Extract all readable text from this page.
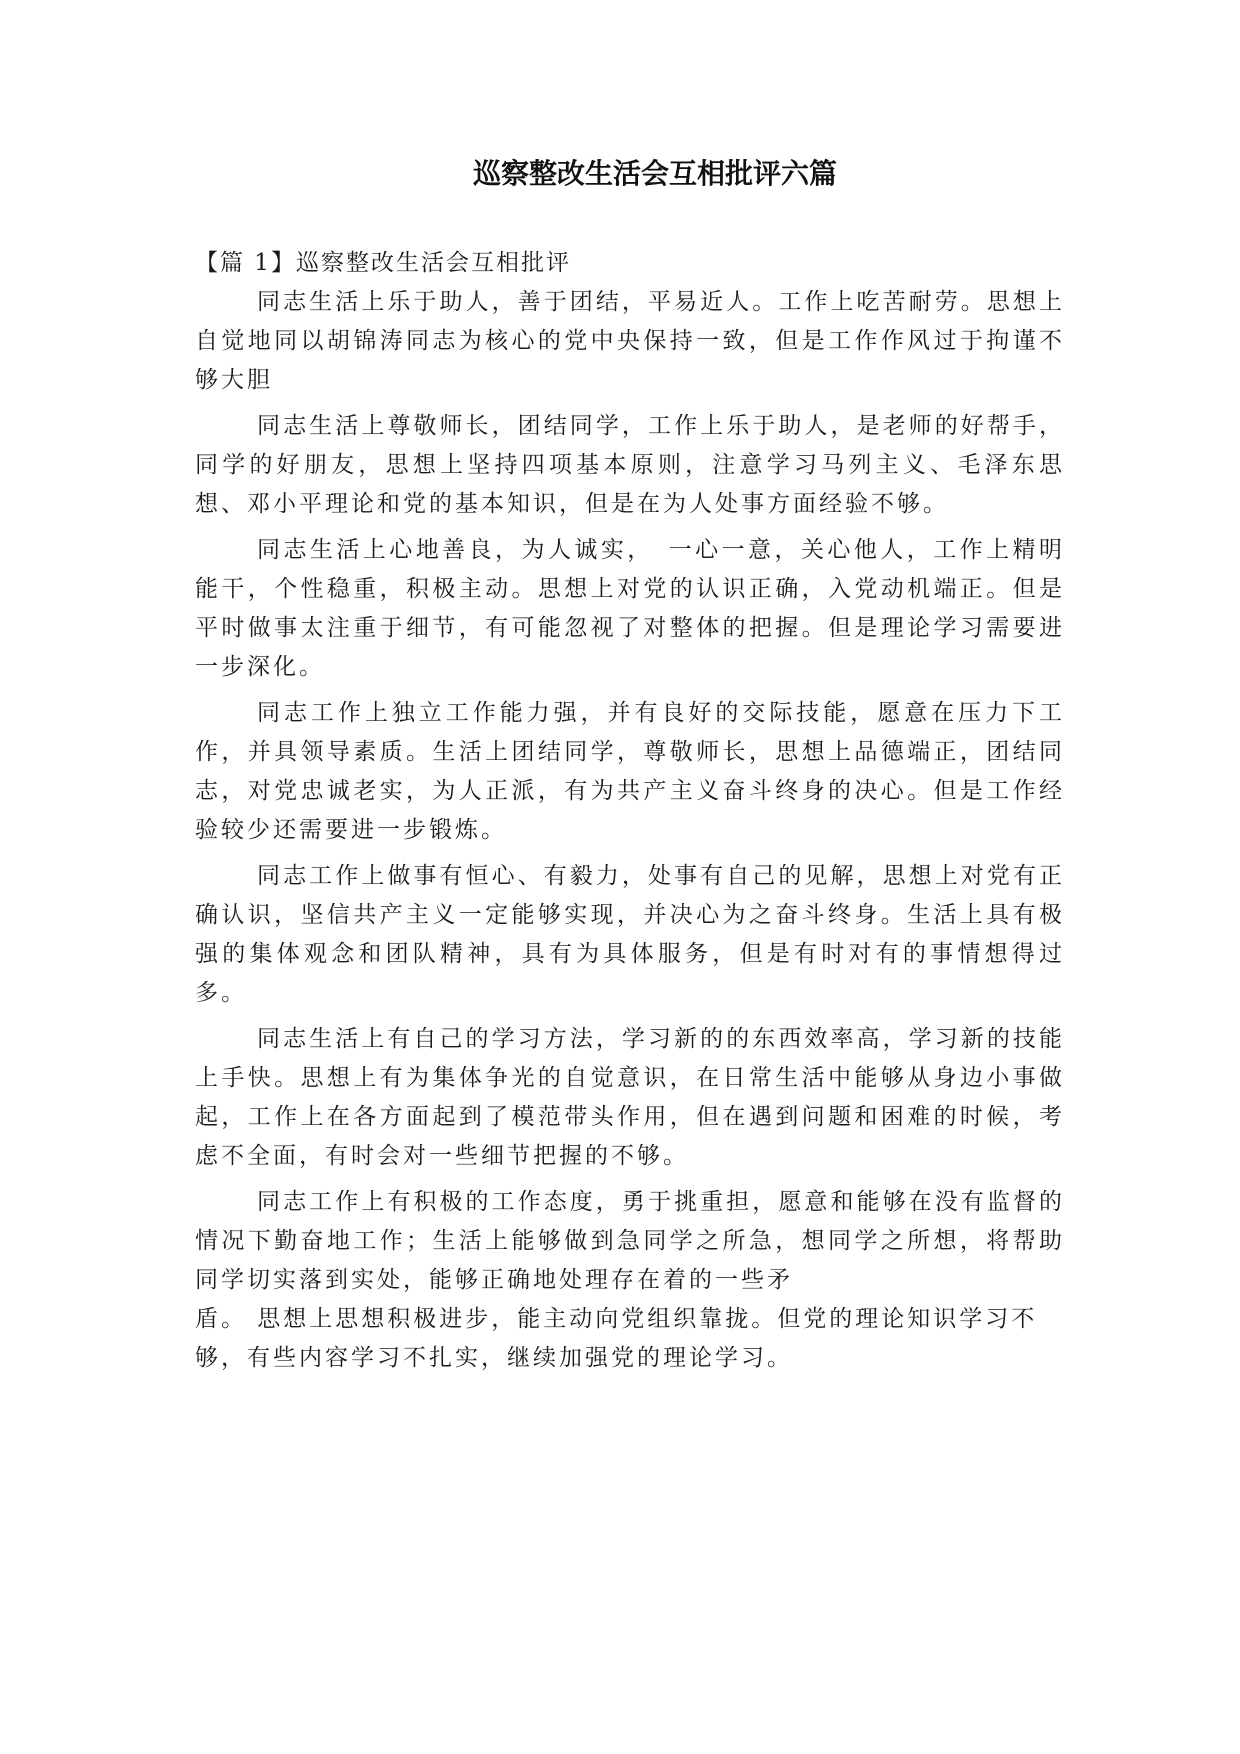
巡察整改生活会互相批评六篇

【篇 1】巡察整改生活会互相批评

同志生活上乐于助人，善于团结，平易近人。工作上吃苦耐劳。思想上自觉地同以胡锦涛同志为核心的党中央保持一致，但是工作作风过于拘谨不够大胆

同志生活上尊敬师长，团结同学，工作上乐于助人，是老师的好帮手，同学的好朋友，思想上坚持四项基本原则，注意学习马列主义、毛泽东思想、邓小平理论和党的基本知识，但是在为人处事方面经验不够。

同志生活上心地善良，为人诚实，　一心一意，关心他人，工作上精明能干，个性稳重，积极主动。思想上对党的认识正确，入党动机端正。但是平时做事太注重于细节，有可能忽视了对整体的把握。但是理论学习需要进一步深化。

同志工作上独立工作能力强，并有良好的交际技能，愿意在压力下工作，并具领导素质。生活上团结同学，尊敬师长，思想上品德端正，团结同志，对党忠诚老实，为人正派，有为共产主义奋斗终身的决心。但是工作经验较少还需要进一步锻炼。

同志工作上做事有恒心、有毅力，处事有自己的见解，思想上对党有正确认识，坚信共产主义一定能够实现，并决心为之奋斗终身。生活上具有极强的集体观念和团队精神，具有为具体服务，但是有时对有的事情想得过多。

同志生活上有自己的学习方法，学习新的的东西效率高，学习新的技能上手快。思想上有为集体争光的自觉意识，在日常生活中能够从身边小事做起，工作上在各方面起到了模范带头作用，但在遇到问题和困难的时候，考虑不全面，有时会对一些细节把握的不够。

同志工作上有积极的工作态度，勇于挑重担，愿意和能够在没有监督的情况下勤奋地工作；生活上能够做到急同学之所急，想同学之所想，将帮助同学切实落到实处，能够正确地处理存在着的一些矛

盾。 思想上思想积极进步，能主动向党组织靠拢。但党的理论知识学习不

够，有些内容学习不扎实，继续加强党的理论学习。
